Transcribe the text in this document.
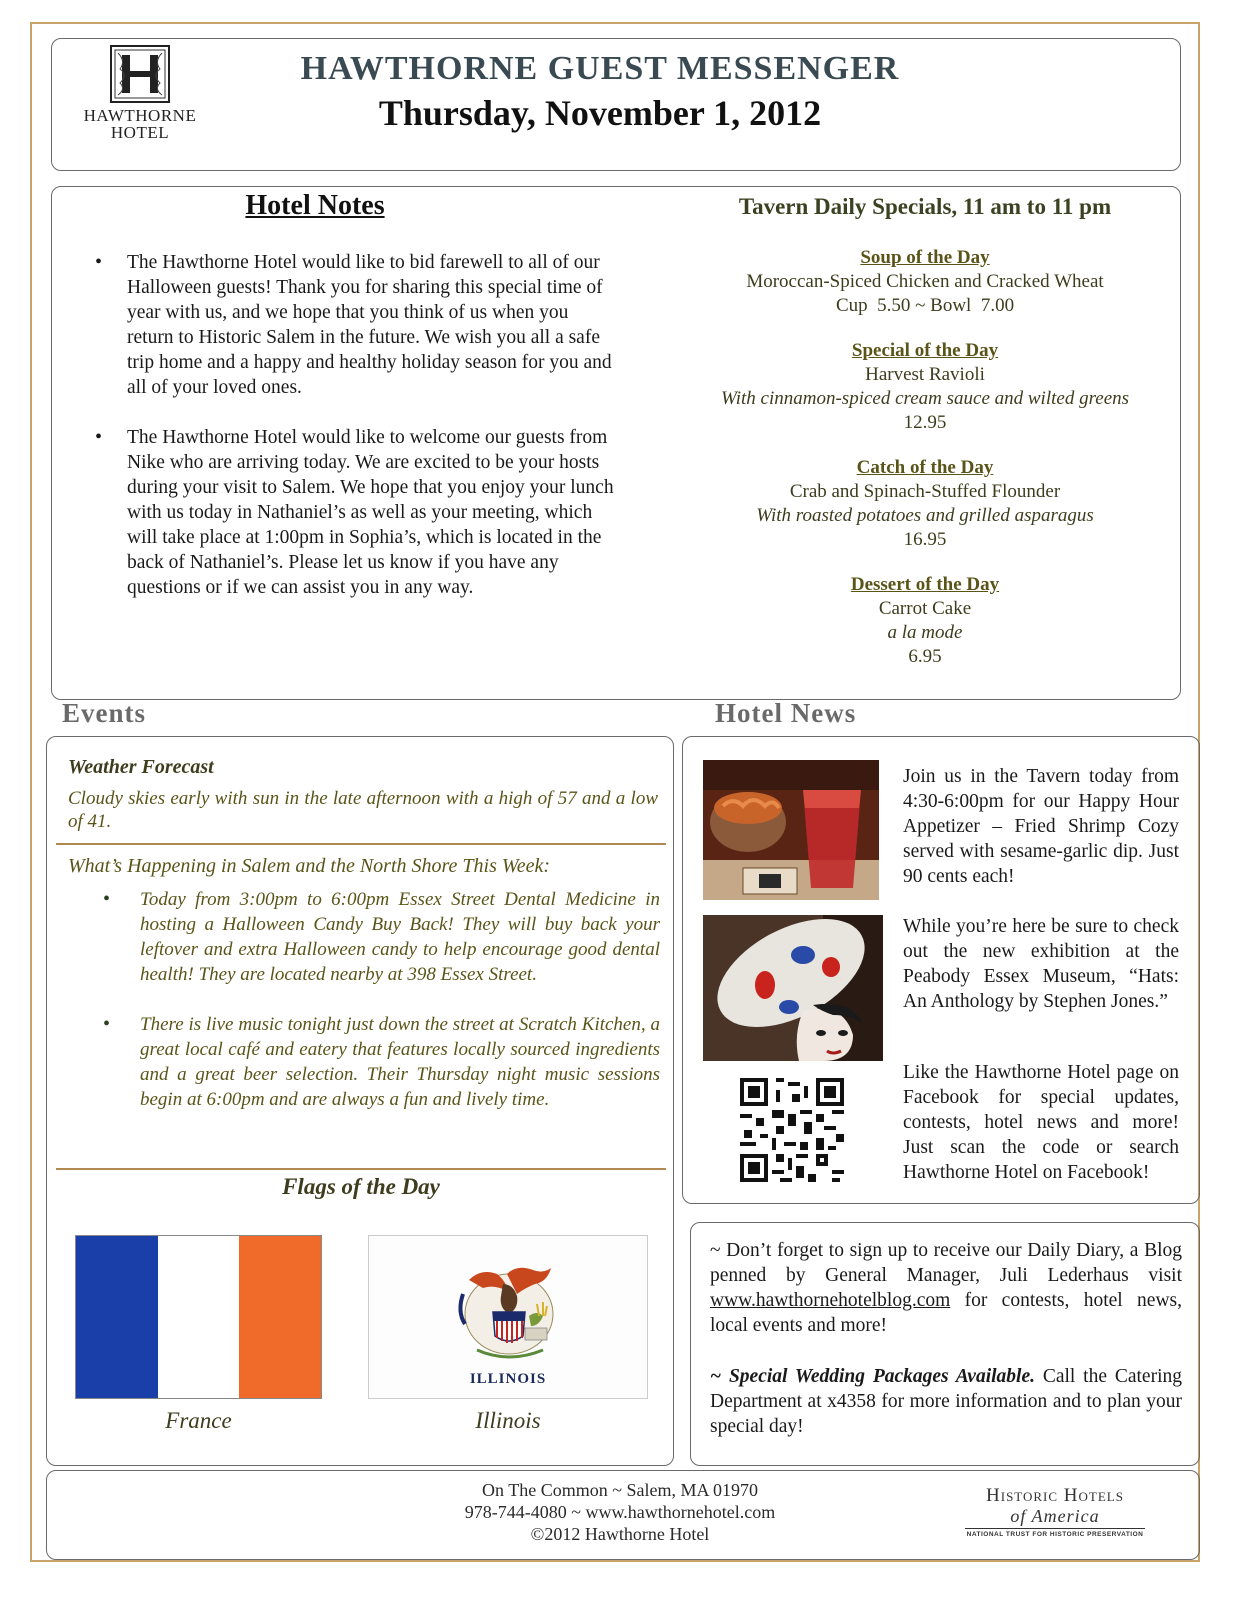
HAWTHORNE
HOTEL
HAWTHORNE GUEST MESSENGER
Thursday, November 1, 2012
Hotel Notes
• The Hawthorne Hotel would like to bid farewell to all of our Halloween guests! Thank you for sharing this special time of year with us, and we hope that you think of us when you return to Historic Salem in the future. We wish you all a safe trip home and a happy and healthy holiday season for you and all of your loved ones.
• The Hawthorne Hotel would like to welcome our guests from Nike who are arriving today. We are excited to be your hosts during your visit to Salem. We hope that you enjoy your lunch with us today in Nathaniel’s as well as your meeting, which will take place at 1:00pm in Sophia’s, which is located in the back of Nathaniel’s. Please let us know if you have any questions or if we can assist you in any way.
Tavern Daily Specials, 11 am to 11 pm
Soup of the Day
Moroccan-Spiced Chicken and Cracked Wheat
Cup  5.50 ~ Bowl  7.00
Special of the Day
Harvest Ravioli
With cinnamon-spiced cream sauce and wilted greens
12.95
Catch of the Day
Crab and Spinach-Stuffed Flounder
With roasted potatoes and grilled asparagus
16.95
Dessert of the Day
Carrot Cake
a la mode
6.95
Events	Hotel News
Weather Forecast
Cloudy skies early with sun in the late afternoon with a high of 57 and a low of 41.
What’s Happening in Salem and the North Shore This Week:
• Today from 3:00pm to 6:00pm Essex Street Dental Medicine in hosting a Halloween Candy Buy Back! They will buy back your leftover and extra Halloween candy to help encourage good dental health! They are located nearby at 398 Essex Street.
• There is live music tonight just down the street at Scratch Kitchen, a great local café and eatery that features locally sourced ingredients and a great beer selection. Their Thursday night music sessions begin at 6:00pm and are always a fun and lively time.
Flags of the Day
ILLINOIS
France	Illinois
Join us in the Tavern today from 4:30-6:00pm for our Happy Hour Appetizer – Fried Shrimp Cozy served with sesame-garlic dip. Just 90 cents each!
While you’re here be sure to check out the new exhibition at the Peabody Essex Museum, “Hats: An Anthology by Stephen Jones.”
Like the Hawthorne Hotel page on Facebook for special updates, contests, hotel news and more! Just scan the code or search Hawthorne Hotel on Facebook!
~ Don’t forget to sign up to receive our Daily Diary, a Blog penned by General Manager, Juli Lederhaus visit www.hawthornehotelblog.com for contests, hotel news, local events and more!
~ Special Wedding Packages Available. Call the Catering Department at x4358 for more information and to plan your special day!
On The Common ~ Salem, MA 01970
978-744-4080 ~ www.hawthornehotel.com
©2012 Hawthorne Hotel
Historic Hotels
of America
NATIONAL TRUST FOR HISTORIC PRESERVATION
